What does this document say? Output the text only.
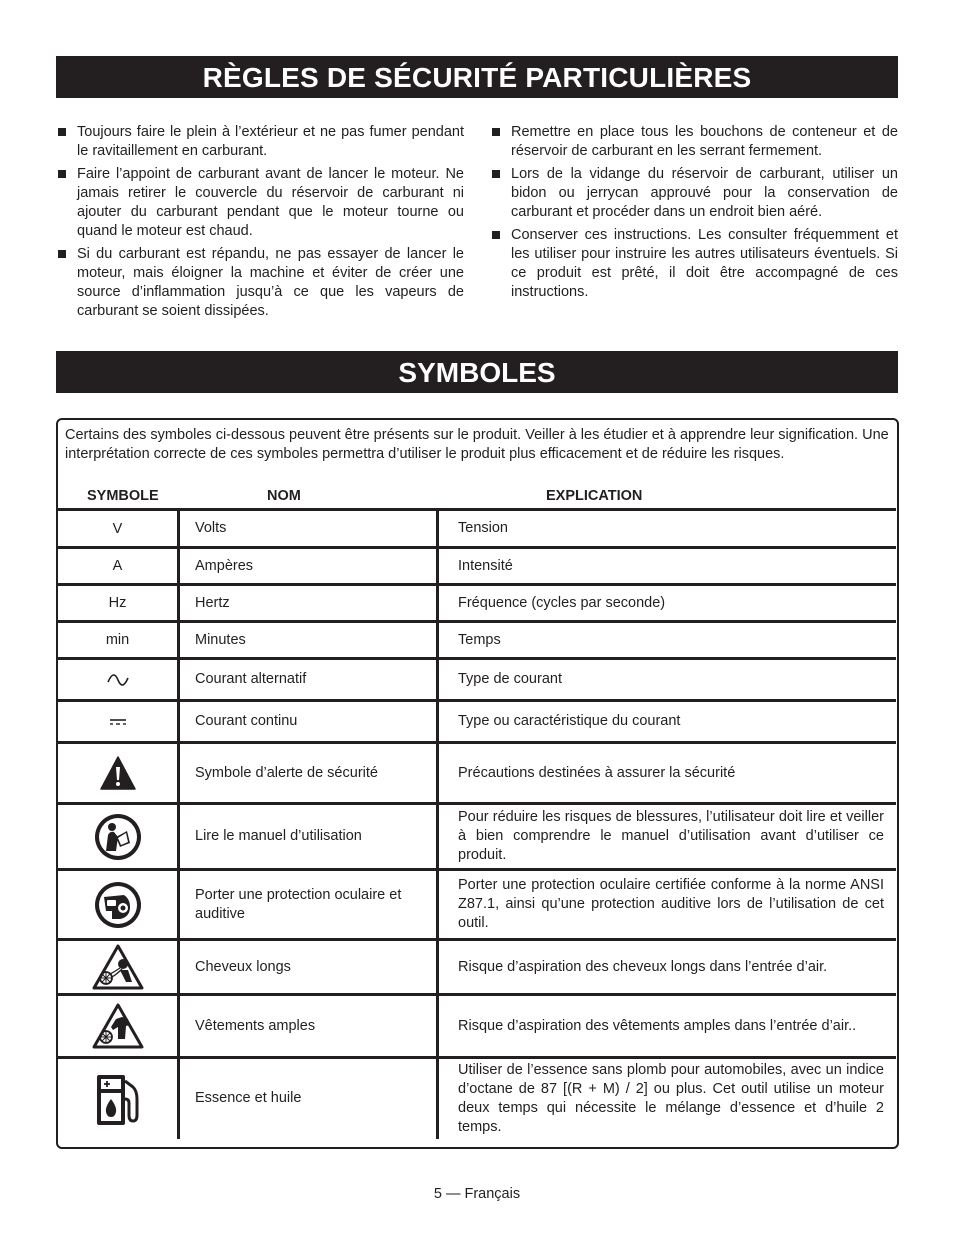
RÈGLES DE SÉCURITÉ PARTICULIÈRES
Toujours faire le plein à l’extérieur et ne pas fumer pendant le ravitaillement en carburant.
Faire l’appoint de carburant avant de lancer le moteur. Ne jamais retirer le couvercle du réservoir de carburant ni ajouter du carburant pendant que le moteur tourne ou quand le moteur est chaud.
Si du carburant est répandu, ne pas essayer de lancer le moteur, mais éloigner la machine et éviter de créer une source d’inflammation jusqu’à ce que les vapeurs de carburant se soient dissipées.
Remettre en place tous les bouchons de conteneur et de réservoir de carburant en les serrant fermement.
Lors de la vidange du réservoir de carburant, utiliser un bidon ou jerrycan approuvé pour la conservation de carburant et procéder dans un endroit bien aéré.
Conserver ces instructions. Les consulter fréquemment et les utiliser pour instruire les autres utilisateurs éventuels. Si ce produit est prêté, il doit être accompagné de ces instructions.
SYMBOLES
Certains des symboles ci-dessous peuvent être présents sur le produit. Veiller à les étudier et à apprendre leur signification. Une interprétation correcte de ces symboles permettra d’utiliser le produit plus efficacement et de réduire les risques.
SYMBOLE	NOM	EXPLICATION
V	Volts	Tension
A	Ampères	Intensité
Hz	Hertz	Fréquence (cycles par seconde)
min	Minutes	Temps

	Courant alternatif	Type de courant

	Courant continu	Type ou caractéristique du courant

	Symbole d’alerte de sécurité	Précautions destinées à assurer la sécurité

	Lire le manuel d’utilisation	Pour réduire les risques de blessures, l’utilisateur doit lire et veiller à bien comprendre le manuel d’utilisation avant d’utiliser ce produit.

	Porter une protection oculaire et auditive	Porter une protection oculaire certifiée conforme à la norme ANSI Z87.1, ainsi qu’une protection auditive lors de l’utilisation de cet outil.

	Cheveux longs	Risque d’aspiration des cheveux longs dans l’entrée d’air.

	Vêtements amples	Risque d’aspiration des vêtements amples dans l’entrée d’air..

	Essence et huile	Utiliser de l’essence sans plomb pour automobiles, avec un indice d’octane de 87 [(R + M) / 2] ou plus. Cet outil utilise un moteur deux temps qui nécessite le mélange d’essence et d’huile 2 temps.
5 — Français
